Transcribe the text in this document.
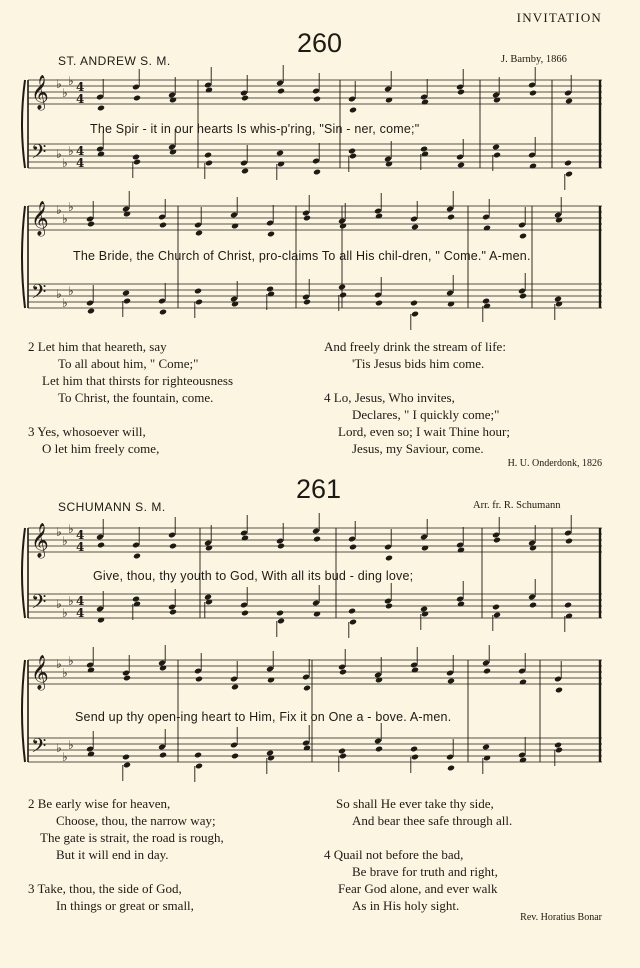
INVITATION
260
ST. ANDREW S. M.	J. Barnby, 1866
𝄞
𝄢
♭
♭
♭
♭
♭
♭
4
4
4
4
The Spir - it in our hearts Is whis-p'ring, "Sin - ner, come;"
𝄞
𝄢
♭
♭
♭
♭
♭
♭
The Bride, the Church of Christ, pro-claims To all His chil-dren, " Come." A-men.
2 Let him that heareth, say
To all about him, " Come;"
Let him that thirsts for righteousness
To Christ, the fountain, come.
3 Yes, whosoever will,
O let him freely come,
And freely drink the stream of life:
'Tis Jesus bids him come.
4 Lo, Jesus, Who invites,
Declares, " I quickly come;"
Lord, even so; I wait Thine hour;
Jesus, my Saviour, come.
H. U. Onderdonk, 1826
261
SCHUMANN S. M.	Arr. fr. R. Schumann
𝄞
𝄢
♭
♭
♭
♭
♭
♭
4
4
4
4
Give, thou, thy youth to God, With all its bud - ding love;
𝄞
𝄢
♭
♭
♭
♭
♭
♭
Send up thy open-ing heart to Him, Fix it on One a - bove. A-men.
2 Be early wise for heaven,
Choose, thou, the narrow way;
The gate is strait, the road is rough,
But it will end in day.
3 Take, thou, the side of God,
In things or great or small,
So shall He ever take thy side,
And bear thee safe through all.
4 Quail not before the bad,
Be brave for truth and right,
Fear God alone, and ever walk
As in His holy sight.
Rev. Horatius Bonar
